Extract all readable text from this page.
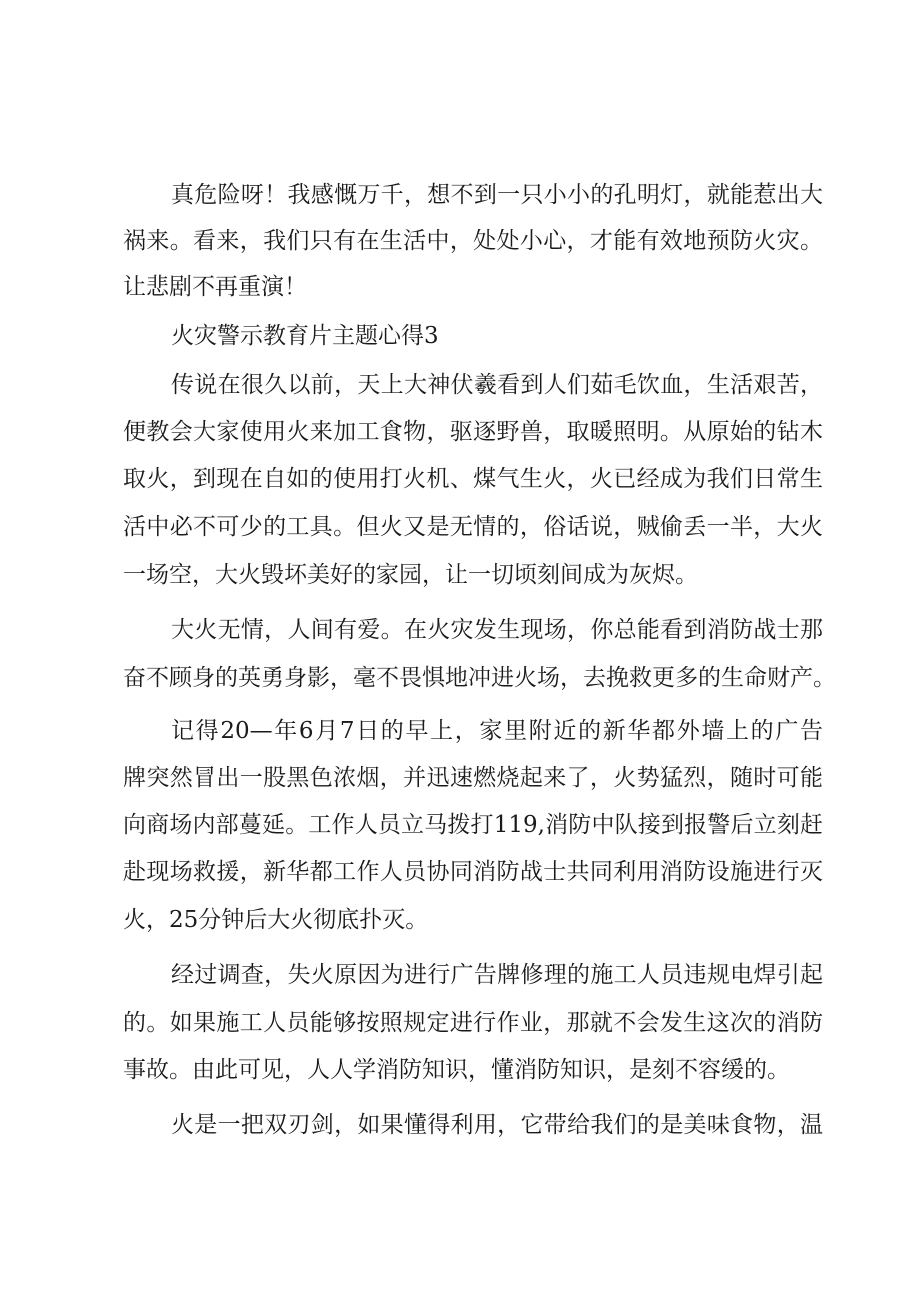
真危险呀！我感慨万千，想不到一只小小的孔明灯，就能惹出大
祸来。看来，我们只有在生活中，处处小心，才能有效地预防火灾。
让悲剧不再重演！
火灾警示教育片主题心得3
传说在很久以前，天上大神伏羲看到人们茹毛饮血，生活艰苦，
便教会大家使用火来加工食物，驱逐野兽，取暖照明。从原始的钻木
取火，到现在自如的使用打火机、煤气生火，火已经成为我们日常生
活中必不可少的工具。但火又是无情的，俗话说，贼偷丢一半，大火
一场空，大火毁坏美好的家园，让一切顷刻间成为灰烬。
大火无情，人间有爱。在火灾发生现场，你总能看到消防战士那
奋不顾身的英勇身影，毫不畏惧地冲进火场，去挽救更多的生命财产。
记得20—年6月7日的早上，家里附近的新华都外墙上的广告
牌突然冒出一股黑色浓烟，并迅速燃烧起来了，火势猛烈，随时可能
向商场内部蔓延。工作人员立马拨打119,消防中队接到报警后立刻赶
赴现场救援，新华都工作人员协同消防战士共同利用消防设施进行灭
火，25分钟后大火彻底扑灭。
经过调查，失火原因为进行广告牌修理的施工人员违规电焊引起
的。如果施工人员能够按照规定进行作业，那就不会发生这次的消防
事故。由此可见，人人学消防知识，懂消防知识，是刻不容缓的。
火是一把双刃剑，如果懂得利用，它带给我们的是美味食物，温
